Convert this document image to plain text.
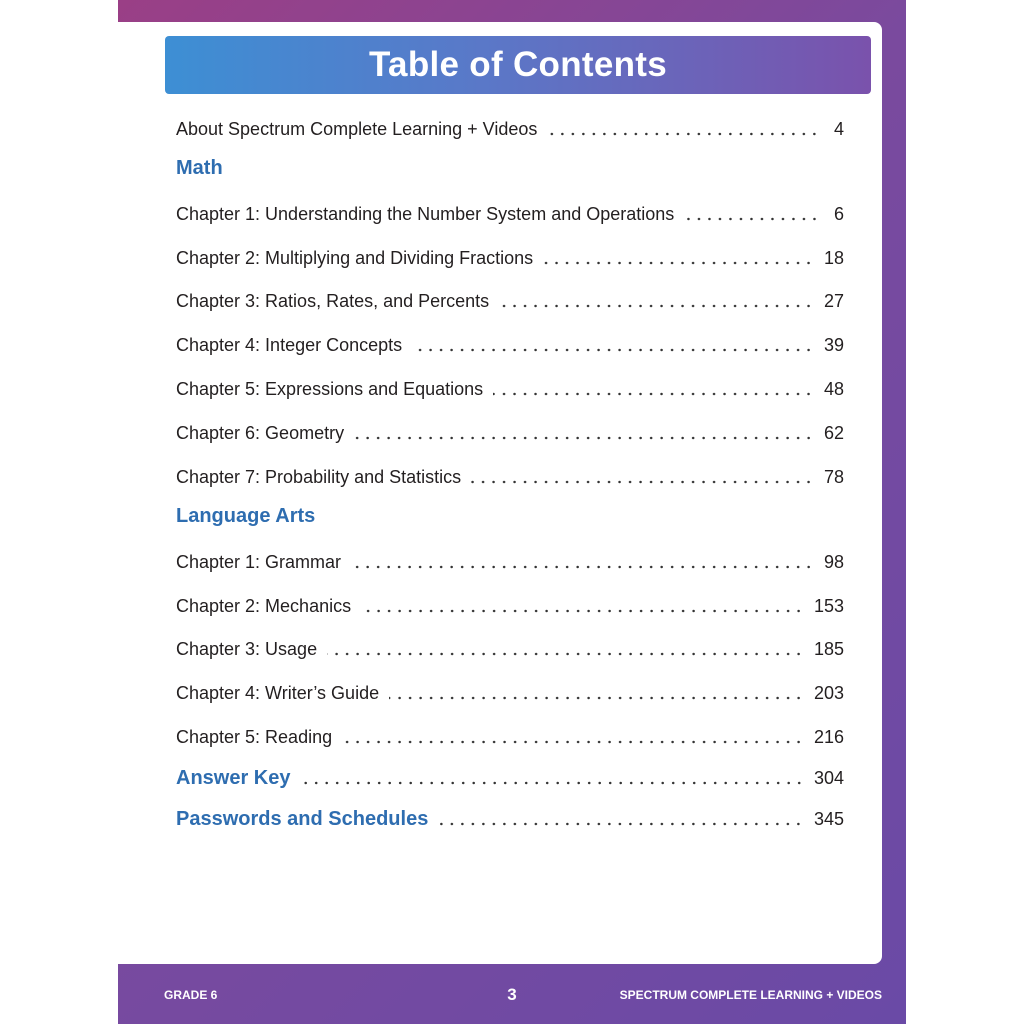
Table of Contents
About Spectrum Complete Learning + Videos	4
Math
Chapter 1: Understanding the Number System and Operations	6
Chapter 2: Multiplying and Dividing Fractions	18
Chapter 3: Ratios, Rates, and Percents	27
Chapter 4: Integer Concepts	39
Chapter 5: Expressions and Equations	48
Chapter 6: Geometry	62
Chapter 7: Probability and Statistics	78
Language Arts
Chapter 1: Grammar	98
Chapter 2: Mechanics	153
Chapter 3: Usage	185
Chapter 4: Writer’s Guide	203
Chapter 5: Reading	216
Answer Key	304
Passwords and Schedules	345
GRADE 6	3	SPECTRUM COMPLETE LEARNING + VIDEOS
